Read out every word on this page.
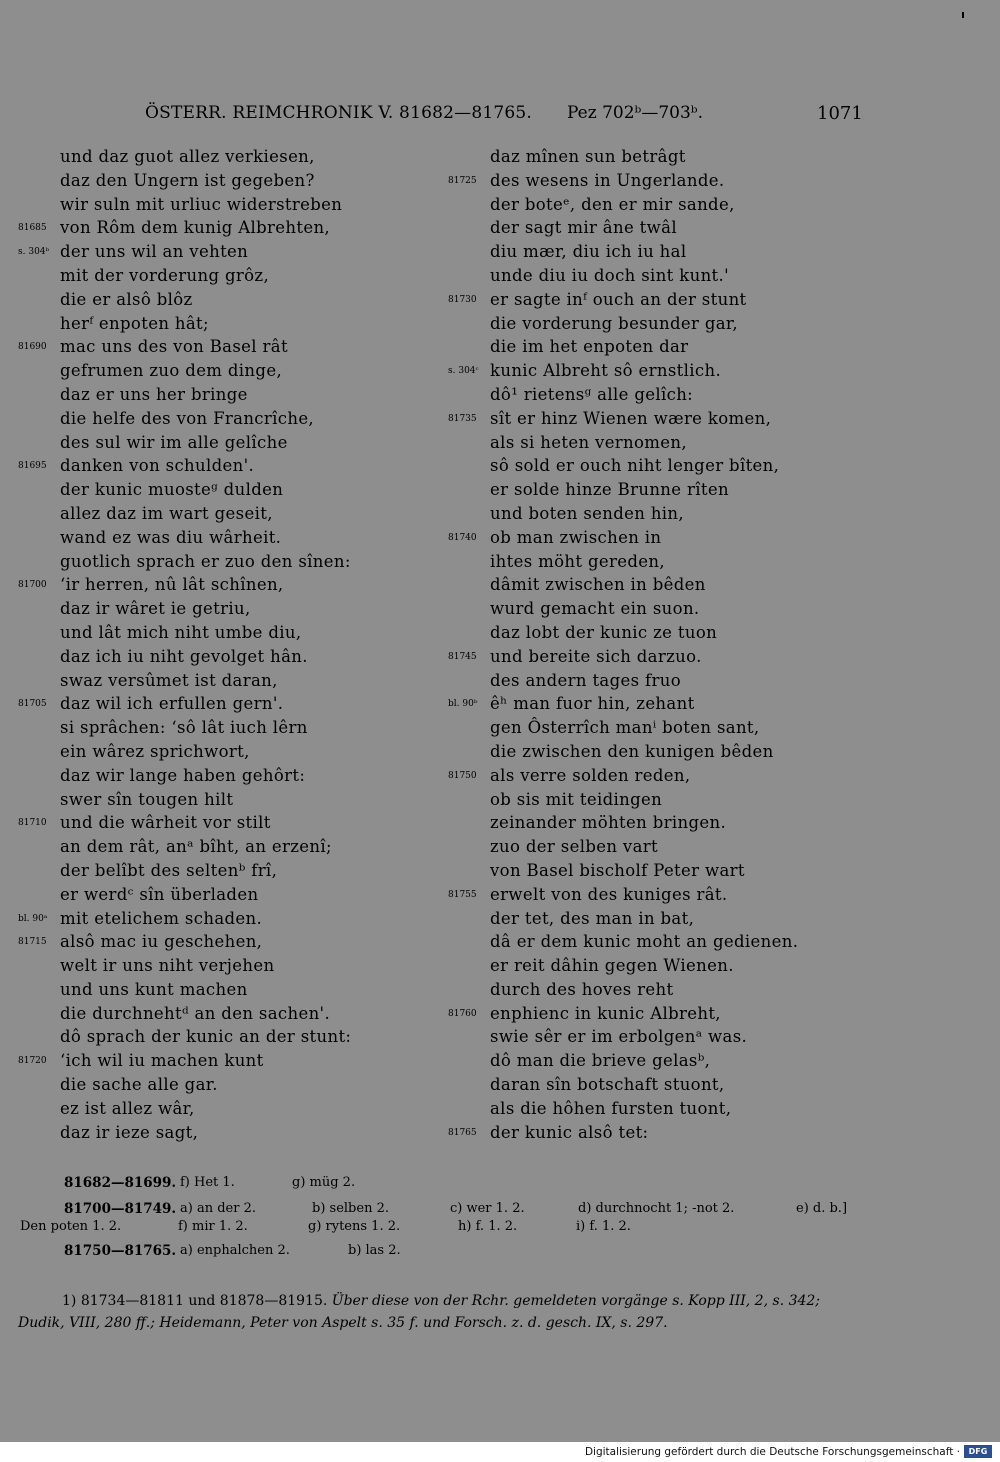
ÖSTERR. REIMCHRONIK V. 81682—81765. Pez 702ᵇ—703ᵇ.	1071
und daz guot allez verkiesen,
daz den Ungern ist gegeben?
wir suln mit urliuc widerstreben
81685 von Rôm dem kunig Albrehten,
s. 304ᵇ der uns wil an vehten
mit der vorderung grôz,
die er alsô blôz
herᶠ enpoten hât;
81690 mac uns des von Basel rât
gefrumen zuo dem dinge,
daz er uns her bringe
die helfe des von Francrîche,
des sul wir im alle gelîche
81695 danken von schulden'.
der kunic muosteᵍ dulden
allez daz im wart geseit,
wand ez was diu wârheit.
guotlich sprach er zuo den sînen:
81700 ʻir herren, nû lât schînen,
daz ir wâret ie getriu,
und lât mich niht umbe diu,
daz ich iu niht gevolget hân.
swaz versûmet ist daran,
81705 daz wil ich erfullen gern'.
si sprâchen: ʻsô lât iuch lêrn
ein wârez sprichwort,
daz wir lange haben gehôrt:
swer sîn tougen hilt
81710 und die wârheit vor stilt
an dem rât, anᵃ bîht, an erzenî;
der belîbt des seltenᵇ frî,
er werdᶜ sîn überladen
bl. 90ᵃ mit etelichem schaden.
81715 alsô mac iu geschehen,
welt ir uns niht verjehen
und uns kunt machen
die durchnehtᵈ an den sachen'.
dô sprach der kunic an der stunt:
81720 ʻich wil iu machen kunt
die sache alle gar.
ez ist allez wâr,
daz ir ieze sagt,
daz mînen sun betrâgt
81725 des wesens in Ungerlande.
der boteᵉ, den er mir sande,
der sagt mir âne twâl
diu mær, diu ich iu hal
unde diu iu doch sint kunt.'
81730 er sagte inᶠ ouch an der stunt
die vorderung besunder gar,
die im het enpoten dar
s. 304ᶜ kunic Albreht sô ernstlich.
dô¹ rietensᵍ alle gelîch:
81735 sît er hinz Wienen wære komen,
als si heten vernomen,
sô sold er ouch niht lenger bîten,
er solde hinze Brunne rîten
und boten senden hin,
81740 ob man zwischen in
ihtes möht gereden,
dâmit zwischen in bêden
wurd gemacht ein suon.
daz lobt der kunic ze tuon
81745 und bereite sich darzuo.
des andern tages fruo
bl. 90ᵇ êʰ man fuor hin, zehant
gen Ôsterrîch manⁱ boten sant,
die zwischen den kunigen bêden
81750 als verre solden reden,
ob sis mit teidingen
zeinander möhten bringen.
zuo der selben vart
von Basel bischolf Peter wart
81755 erwelt von des kuniges rât.
der tet, des man in bat,
dâ er dem kunic moht an gedienen.
er reit dâhin gegen Wienen.
durch des hoves reht
81760 enphienc in kunic Albreht,
swie sêr er im erbolgenᵃ was.
dô man die brieve gelasᵇ,
daran sîn botschaft stuont,
als die hôhen fursten tuont,
81765 der kunic alsô tet:
81682—81699. f) Het 1.	g) müg 2.
81700—81749. a) an der 2.	b) selben 2.	c) wer 1. 2.	d) durchnocht 1; -not 2.	e) d. b.]
Den poten 1. 2.	f) mir 1. 2.	g) rytens 1. 2.	h) f. 1. 2.	i) f. 1. 2.
81750—81765. a) enphalchen 2.	b) las 2.
1) 81734—81811 und 81878—81915. Über diese von der Rchr. gemeldeten vorgänge s. Kopp III, 2, s. 342;
Dudik, VIII, 280 ff.; Heidemann, Peter von Aspelt s. 35 f. und Forsch. z. d. gesch. IX, s. 297.
Digitalisierung gefördert durch die Deutsche Forschungsgemeinschaft ·	DFG
